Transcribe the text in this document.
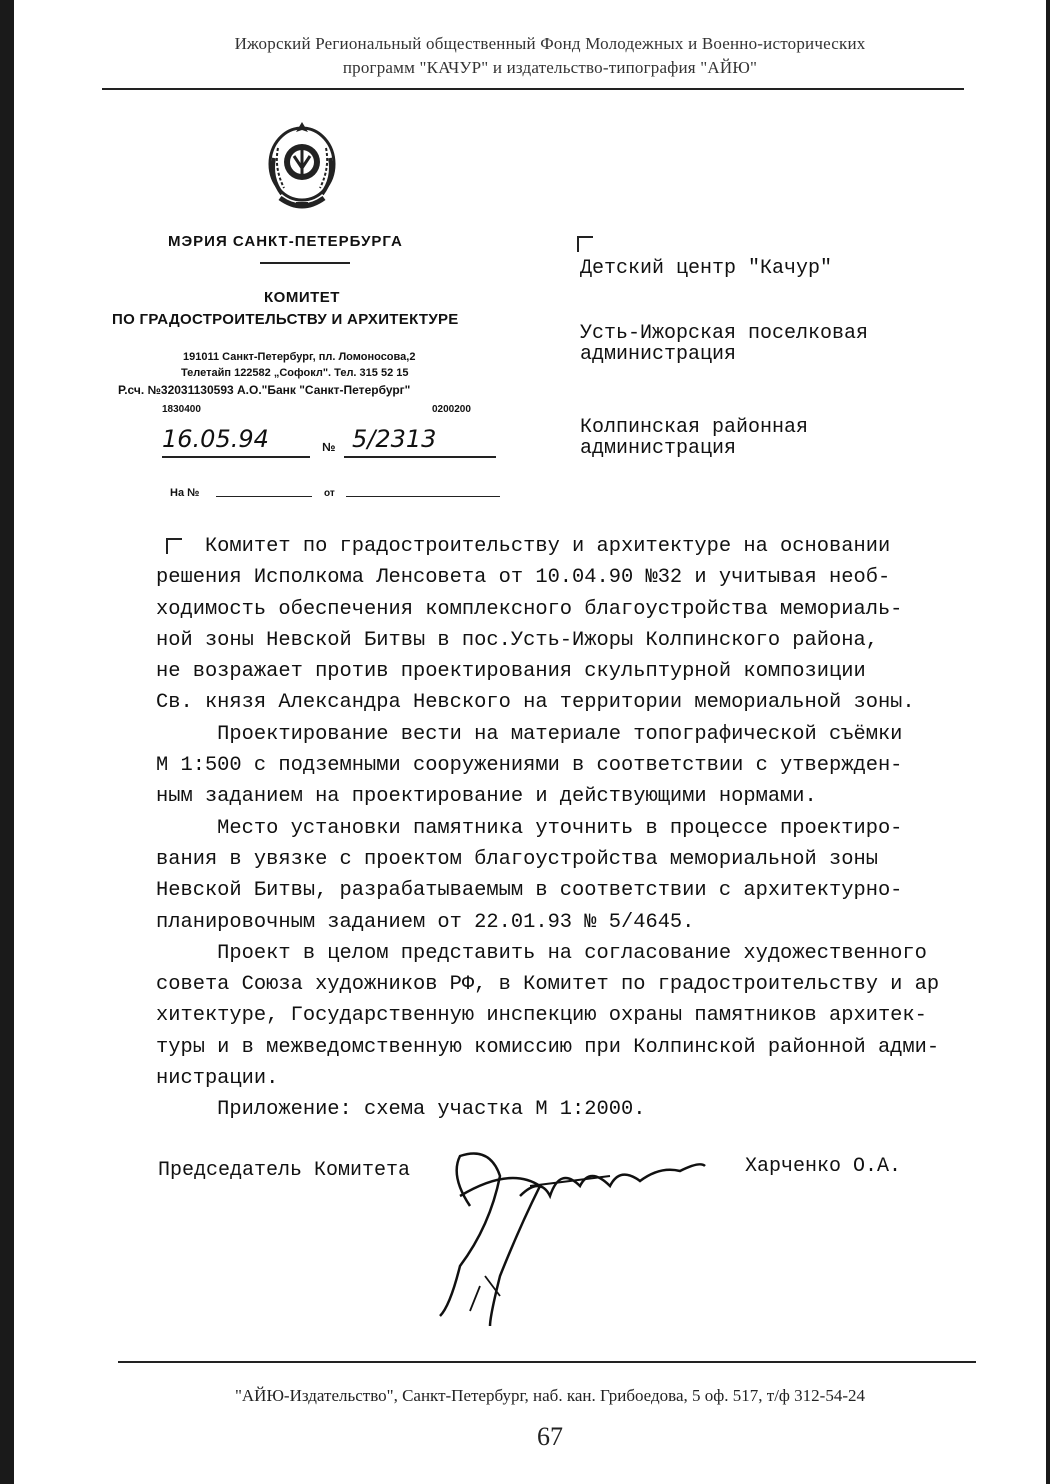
Ижорский Региональный общественный Фонд Молодежных и Военно-исторических
программ "КАЧУР" и издательство-типография "АЙЮ"
МЭРИЯ САНКТ-ПЕТЕРБУРГА
КОМИТЕТ
ПО ГРАДОСТРОИТЕЛЬСТВУ И АРХИТЕКТУРЕ
191011 Санкт-Петербург, пл. Ломоносова,2
Телетайп 122582 „Софокл". Тел. 315 52 15
Р.сч. №32031130593 А.О."Банк "Санкт-Петербург"
1830400	0200200
16.05.94	№ 5/2313
На №	от
Детский центр "Качур"
Усть-Ижорская поселковая
администрация
Колпинская районная
администрация

Комитет по градостроительству и архитектуре на основании

решения Исполкома Ленсовета от 10.04.90 №32 и учитывая необ-

ходимость обеспечения комплексного благоустройства мемориаль-

ной зоны Невской Битвы в пос.Усть-Ижоры Колпинского района,

не возражает против проектирования скульптурной композиции

Св. князя Александра Невского на территории мемориальной зоны.

Проектирование вести на материале топографической съёмки

М 1:500 с подземными сооружениями в соответствии с утвержден-

ным заданием на проектирование и действующими нормами.

Место установки памятника уточнить в процессе проектиро-

вания в увязке с проектом благоустройства мемориальной зоны

Невской Битвы, разрабатываемым в соответствии с архитектурно-

планировочным заданием от 22.01.93 № 5/4645.

Проект в целом представить на согласование художественного

совета Союза художников РФ, в Комитет по градостроительству и ар

хитектуре, Государственную инспекцию охраны памятников архитек-

туры и в межведомственную комиссию при Колпинской районной адми-

нистрации.

Приложение: схема участка М 1:2000.

Председатель Комитета	Харченко О.А.
"АЙЮ-Издательство", Санкт-Петербург, наб. кан. Грибоедова, 5 оф. 517, т/ф 312-54-24
67
